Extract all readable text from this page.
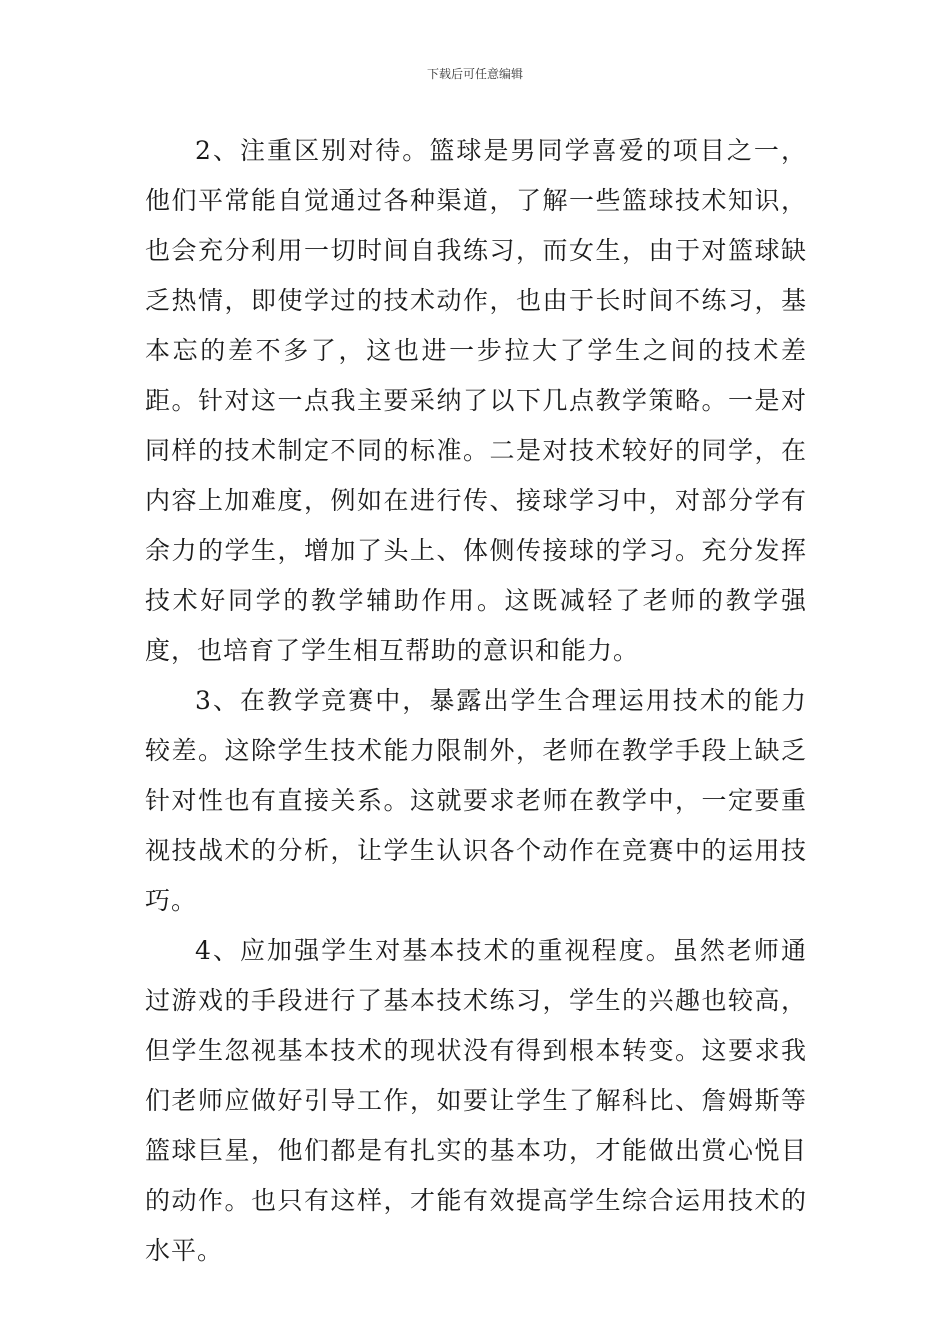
下载后可任意编辑

2、注重区别对待。篮球是男同学喜爱的项目之一，他们平常能自觉通过各种渠道，了解一些篮球技术知识，也会充分利用一切时间自我练习，而女生，由于对篮球缺乏热情，即使学过的技术动作，也由于长时间不练习，基本忘的差不多了，这也进一步拉大了学生之间的技术差距。针对这一点我主要采纳了以下几点教学策略。一是对同样的技术制定不同的标准。二是对技术较好的同学，在内容上加难度，例如在进行传、接球学习中，对部分学有余力的学生，增加了头上、体侧传接球的学习。充分发挥技术好同学的教学辅助作用。这既减轻了老师的教学强度，也培育了学生相互帮助的意识和能力。

3、在教学竞赛中，暴露出学生合理运用技术的能力较差。这除学生技术能力限制外，老师在教学手段上缺乏针对性也有直接关系。这就要求老师在教学中，一定要重视技战术的分析，让学生认识各个动作在竞赛中的运用技巧。

4、应加强学生对基本技术的重视程度。虽然老师通过游戏的手段进行了基本技术练习，学生的兴趣也较高，但学生忽视基本技术的现状没有得到根本转变。这要求我们老师应做好引导工作，如要让学生了解科比、詹姆斯等篮球巨星，他们都是有扎实的基本功，才能做出赏心悦目的动作。也只有这样，才能有效提高学生综合运用技术的水平。
